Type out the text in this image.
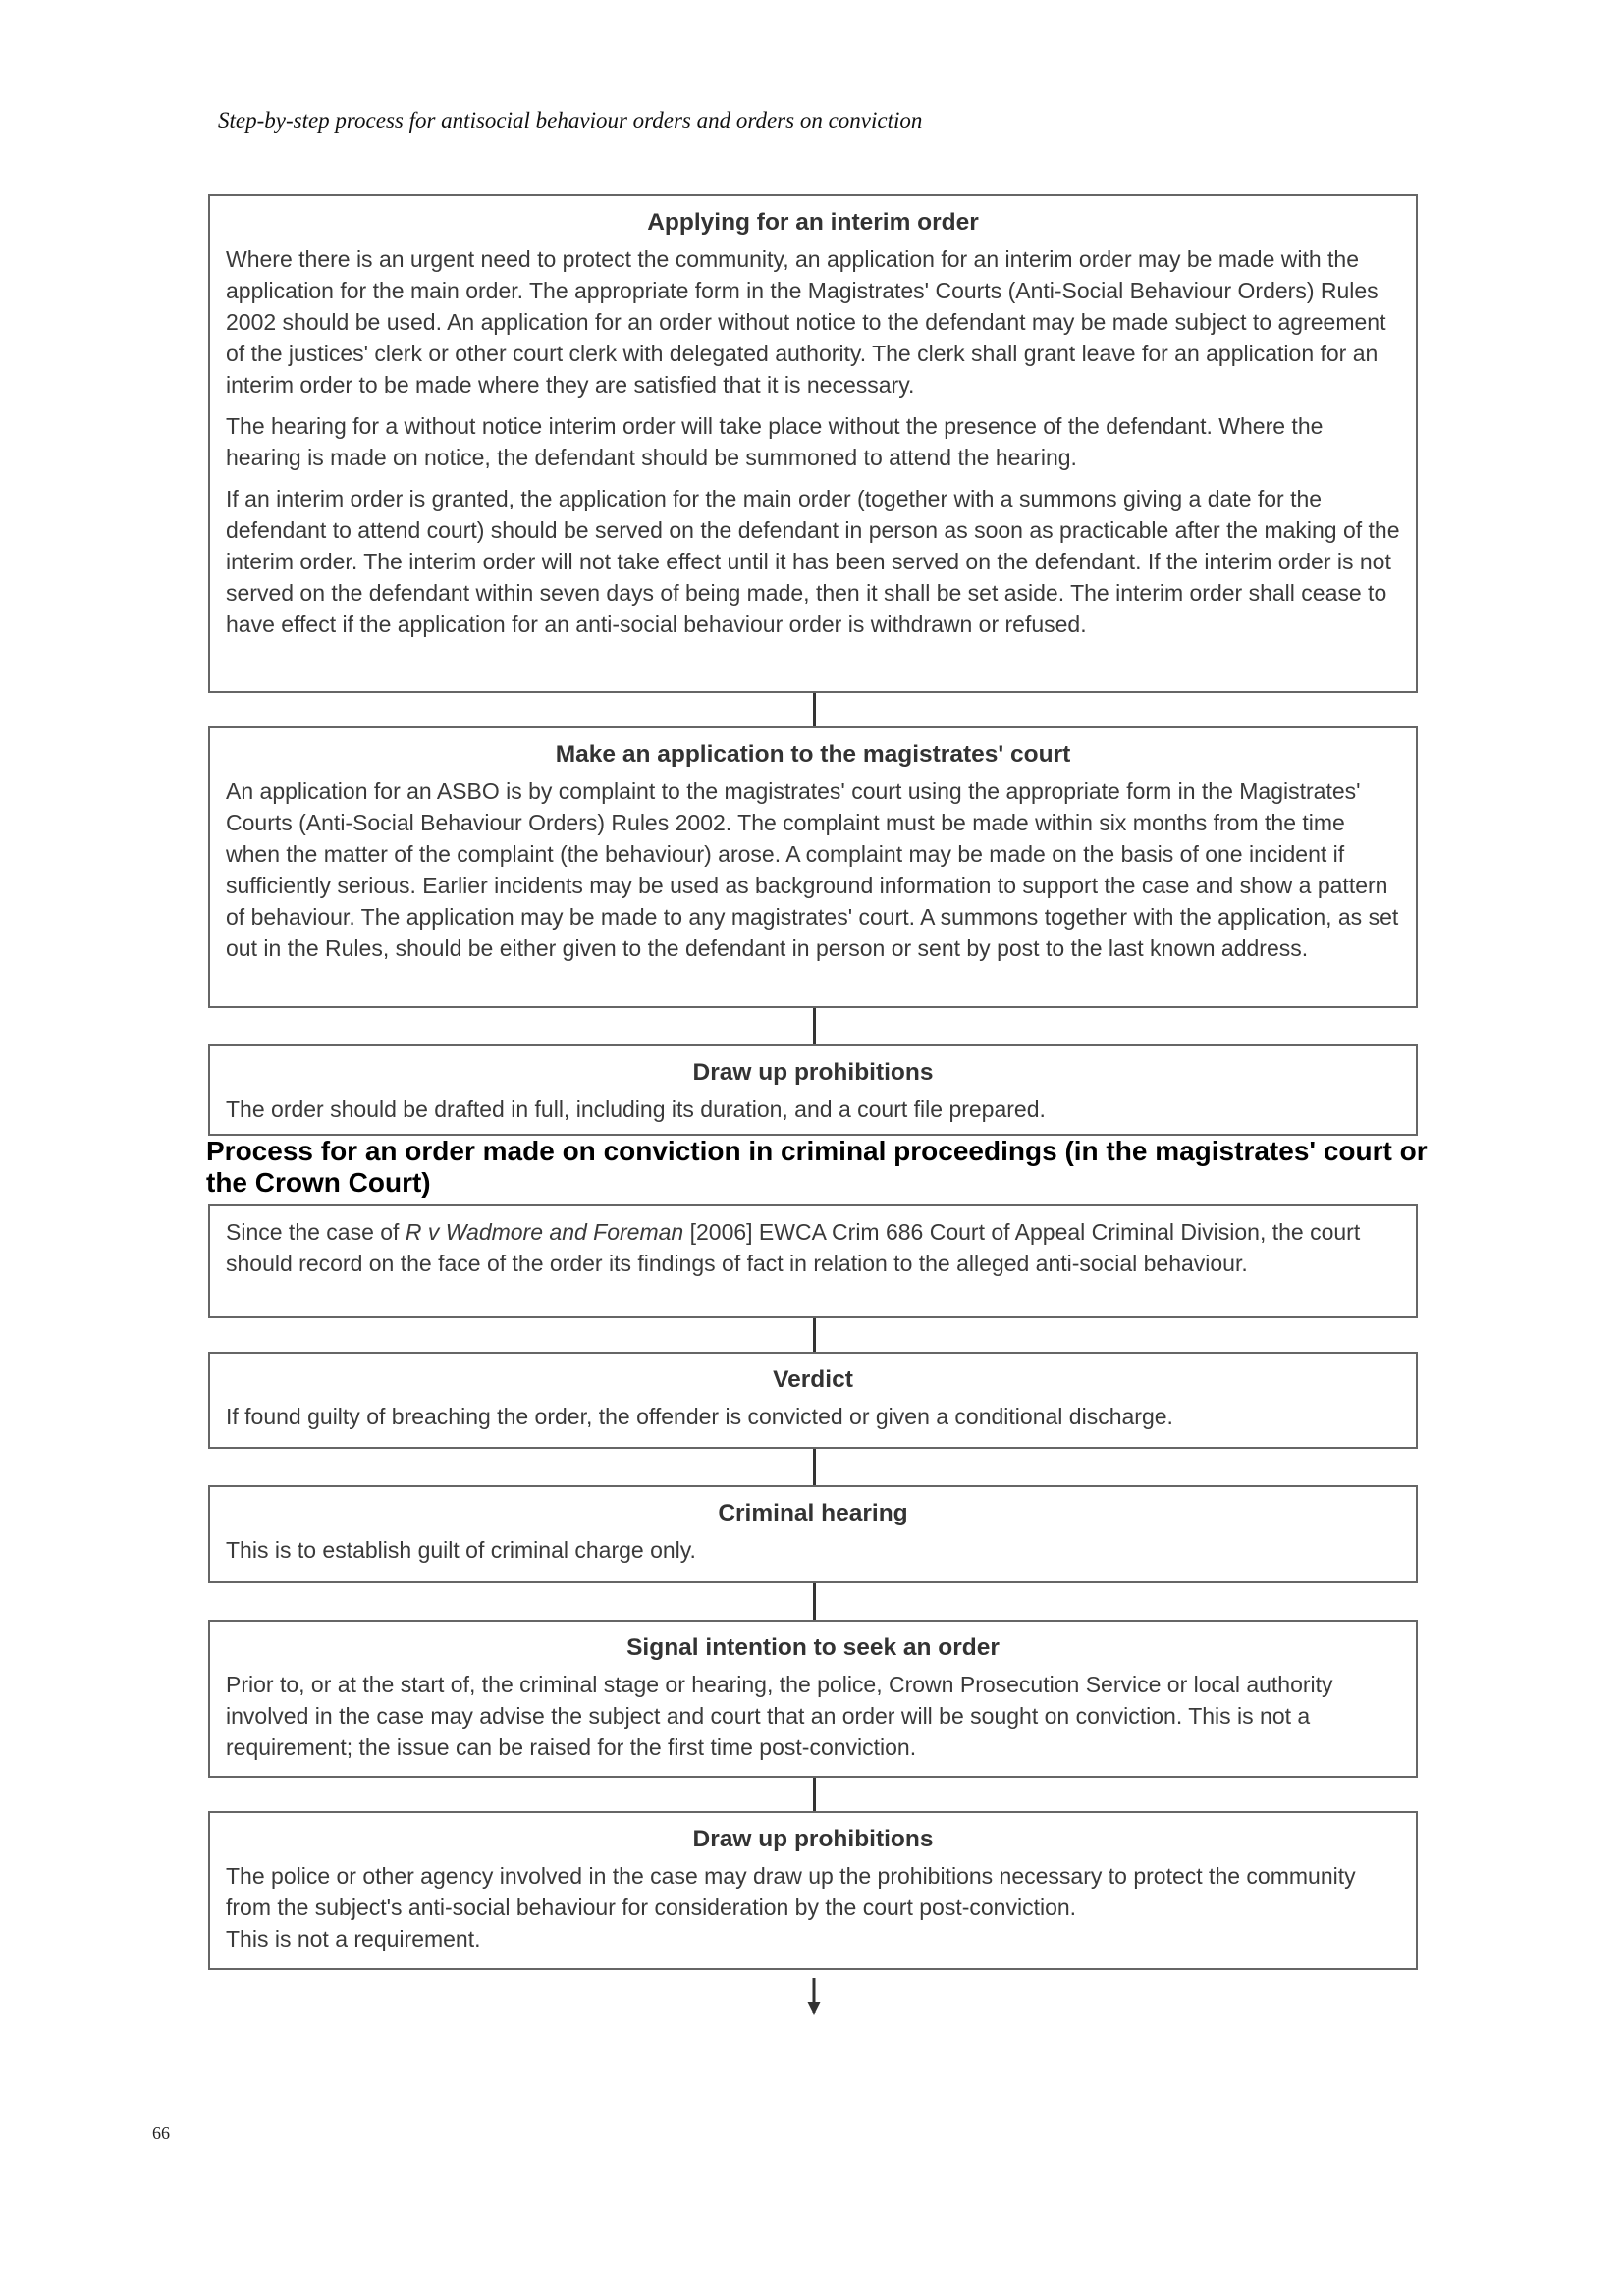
Step-by-step process for antisocial behaviour orders and orders on conviction
Applying for an interim order
Where there is an urgent need to protect the community, an application for an interim order may be made with the application for the main order. The appropriate form in the Magistrates' Courts (Anti-Social Behaviour Orders) Rules 2002 should be used. An application for an order without notice to the defendant may be made subject to agreement of the justices' clerk or other court clerk with delegated authority. The clerk shall grant leave for an application for an interim order to be made where they are satisfied that it is necessary.
The hearing for a without notice interim order will take place without the presence of the defendant. Where the hearing is made on notice, the defendant should be summoned to attend the hearing.
If an interim order is granted, the application for the main order (together with a summons giving a date for the defendant to attend court) should be served on the defendant in person as soon as practicable after the making of the interim order. The interim order will not take effect until it has been served on the defendant. If the interim order is not served on the defendant within seven days of being made, then it shall be set aside. The interim order shall cease to have effect if the application for an anti-social behaviour order is withdrawn or refused.
Make an application to the magistrates' court
An application for an ASBO is by complaint to the magistrates' court using the appropriate form in the Magistrates' Courts (Anti-Social Behaviour Orders) Rules 2002. The complaint must be made within six months from the time when the matter of the complaint (the behaviour) arose. A complaint may be made on the basis of one incident if sufficiently serious. Earlier incidents may be used as background information to support the case and show a pattern of behaviour. The application may be made to any magistrates' court. A summons together with the application, as set out in the Rules, should be either given to the defendant in person or sent by post to the last known address.
Draw up prohibitions
The order should be drafted in full, including its duration, and a court file prepared.
Process for an order made on conviction in criminal proceedings (in the magistrates' court or the Crown Court)
Since the case of R v Wadmore and Foreman [2006] EWCA Crim 686 Court of Appeal Criminal Division, the court should record on the face of the order its findings of fact in relation to the alleged anti-social behaviour.
Verdict
If found guilty of breaching the order, the offender is convicted or given a conditional discharge.
Criminal hearing
This is to establish guilt of criminal charge only.
Signal intention to seek an order
Prior to, or at the start of, the criminal stage or hearing, the police, Crown Prosecution Service or local authority involved in the case may advise the subject and court that an order will be sought on conviction. This is not a requirement; the issue can be raised for the first time post-conviction.
Draw up prohibitions
The police or other agency involved in the case may draw up the prohibitions necessary to protect the community from the subject's anti-social behaviour for consideration by the court post-conviction.
This is not a requirement.
66
